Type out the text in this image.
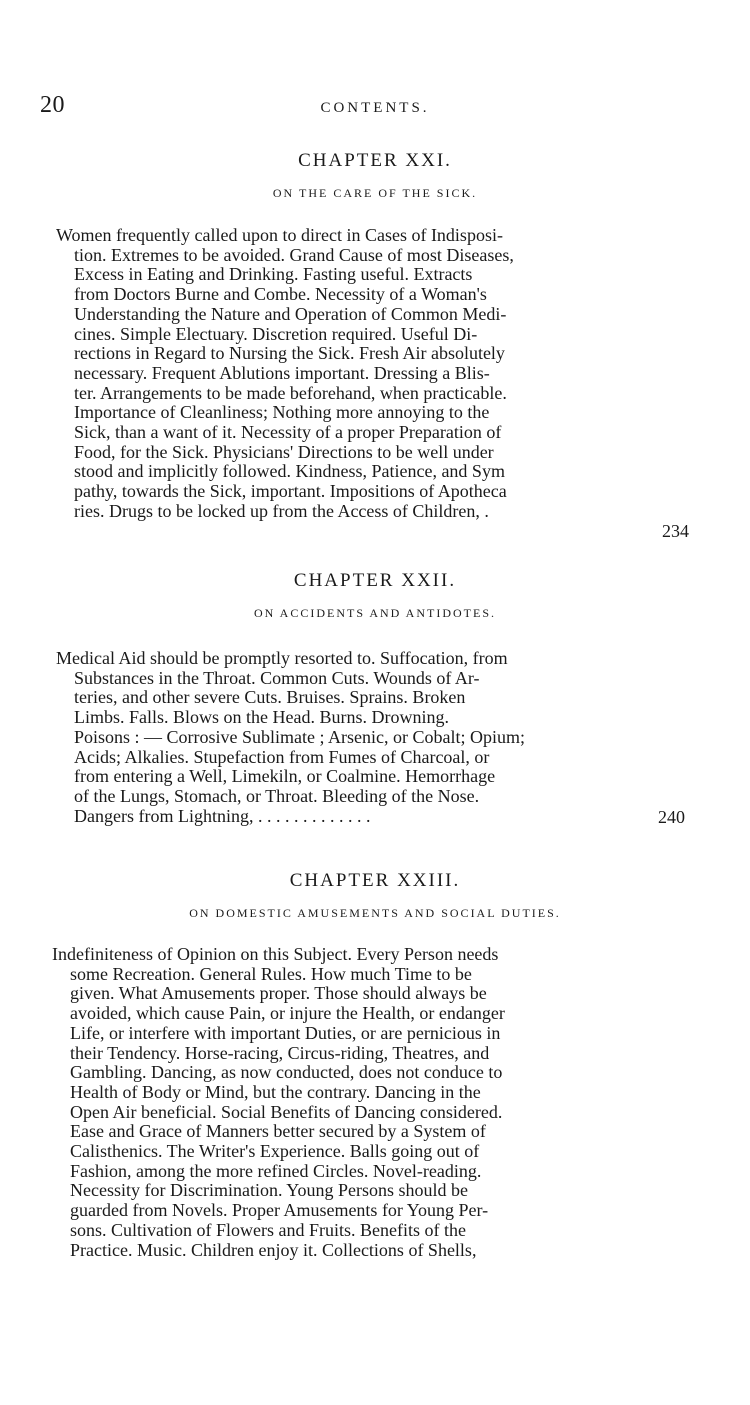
20	CONTENTS.
CHAPTER XXI.
ON THE CARE OF THE SICK.
Women frequently called upon to direct in Cases of Indisposi-
tion. Extremes to be avoided. Grand Cause of most Diseases,
Excess in Eating and Drinking. Fasting useful. Extracts
from Doctors Burne and Combe. Necessity of a Woman's
Understanding the Nature and Operation of Common Medi-
cines. Simple Electuary. Discretion required. Useful Di-
rections in Regard to Nursing the Sick. Fresh Air absolutely
necessary. Frequent Ablutions important. Dressing a Blis-
ter. Arrangements to be made beforehand, when practicable.
Importance of Cleanliness; Nothing more annoying to the
Sick, than a want of it. Necessity of a proper Preparation of
Food, for the Sick. Physicians' Directions to be well under
stood and implicitly followed. Kindness, Patience, and Sym
pathy, towards the Sick, important. Impositions of Apotheca
ries. Drugs to be locked up from the Access of Children, .
234
CHAPTER XXII.
ON ACCIDENTS AND ANTIDOTES.
Medical Aid should be promptly resorted to. Suffocation, from
Substances in the Throat. Common Cuts. Wounds of Ar-
teries, and other severe Cuts. Bruises. Sprains. Broken
Limbs. Falls. Blows on the Head. Burns. Drowning.
Poisons : — Corrosive Sublimate ; Arsenic, or Cobalt; Opium;
Acids; Alkalies. Stupefaction from Fumes of Charcoal, or
from entering a Well, Limekiln, or Coalmine. Hemorrhage
of the Lungs, Stomach, or Throat. Bleeding of the Nose.
Dangers from Lightning, . . . . . . . . . . . . .	240
CHAPTER XXIII.
ON DOMESTIC AMUSEMENTS AND SOCIAL DUTIES.
Indefiniteness of Opinion on this Subject. Every Person needs
some Recreation. General Rules. How much Time to be
given. What Amusements proper. Those should always be
avoided, which cause Pain, or injure the Health, or endanger
Life, or interfere with important Duties, or are pernicious in
their Tendency. Horse-racing, Circus-riding, Theatres, and
Gambling. Dancing, as now conducted, does not conduce to
Health of Body or Mind, but the contrary. Dancing in the
Open Air beneficial. Social Benefits of Dancing considered.
Ease and Grace of Manners better secured by a System of
Calisthenics. The Writer's Experience. Balls going out of
Fashion, among the more refined Circles. Novel-reading.
Necessity for Discrimination. Young Persons should be
guarded from Novels. Proper Amusements for Young Per-
sons. Cultivation of Flowers and Fruits. Benefits of the
Practice. Music. Children enjoy it. Collections of Shells,
